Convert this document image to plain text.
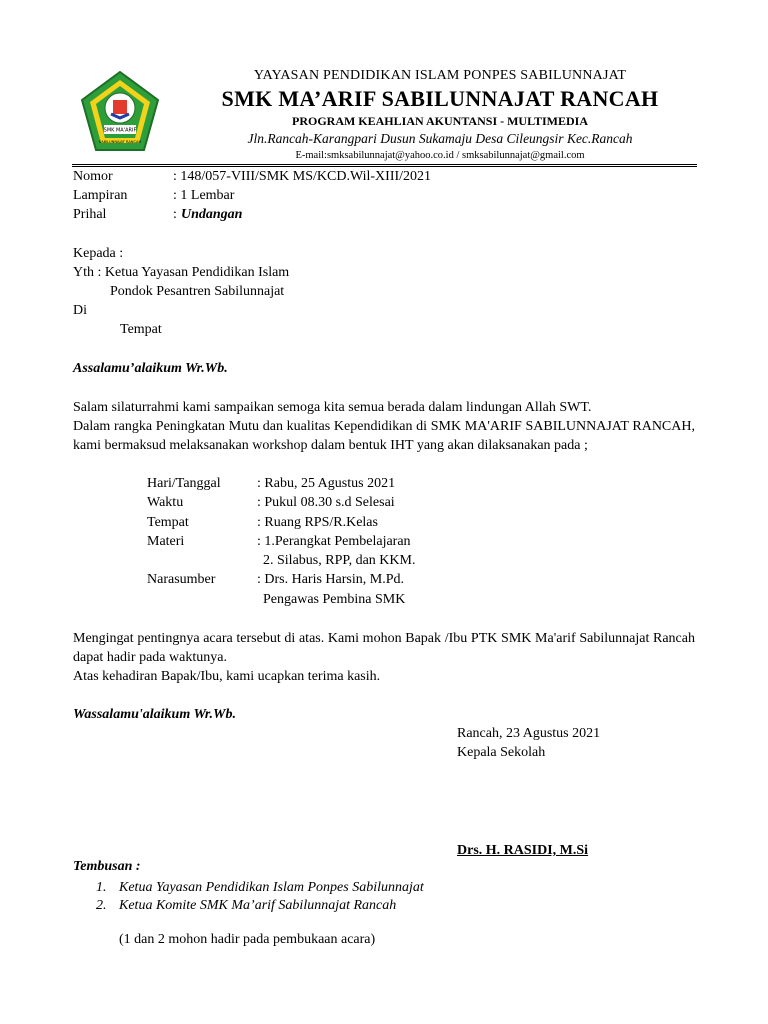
SMK MA'ARIF
SABILUNNAJAT RANCAH
YAYASAN PENDIDIKAN ISLAM PONPES SABILUNNAJAT
SMK MA’ARIF SABILUNNAJAT RANCAH
PROGRAM KEAHLIAN AKUNTANSI - MULTIMEDIA
Jln.Rancah-Karangpari Dusun Sukamaju Desa Cileungsir Kec.Rancah
E-mail:smksabilunnajat@yahoo.co.id / smksabilunnajat@gmail.com
Nomor	: 148/057-VIII/SMK MS/KCD.Wil-XIII/2021
Lampiran	: 1 Lembar
Prihal	: Undangan
Kepada :
Yth : Ketua Yayasan Pendidikan Islam
Pondok Pesantren Sabilunnajat
Di
Tempat
Assalamu’alaikum Wr.Wb.
Salam silaturrahmi kami sampaikan semoga kita semua berada dalam lindungan Allah SWT.
Dalam rangka Peningkatan Mutu dan kualitas Kependidikan di SMK MA'ARIF SABILUNNAJAT RANCAH, kami bermaksud melaksanakan workshop dalam bentuk IHT yang akan dilaksanakan pada ;
Hari/Tanggal	: Rabu, 25 Agustus 2021
Waktu	: Pukul 08.30 s.d Selesai
Tempat	: Ruang RPS/R.Kelas
Materi	: 1.Perangkat Pembelajaran
2. Silabus, RPP, dan KKM.
Narasumber	: Drs. Haris Harsin, M.Pd.
Pengawas Pembina SMK
Mengingat pentingnya acara tersebut di atas. Kami mohon Bapak /Ibu PTK SMK Ma'arif Sabilunnajat Rancah dapat hadir pada waktunya.
Atas kehadiran Bapak/Ibu, kami ucapkan terima kasih.
Wassalamu'alaikum Wr.Wb.
Rancah, 23 Agustus 2021
Kepala Sekolah
Drs. H. RASIDI, M.Si
Tembusan :
1. Ketua Yayasan Pendidikan Islam Ponpes Sabilunnajat
2. Ketua Komite SMK Ma’arif Sabilunnajat Rancah
(1 dan 2 mohon hadir pada pembukaan acara)
